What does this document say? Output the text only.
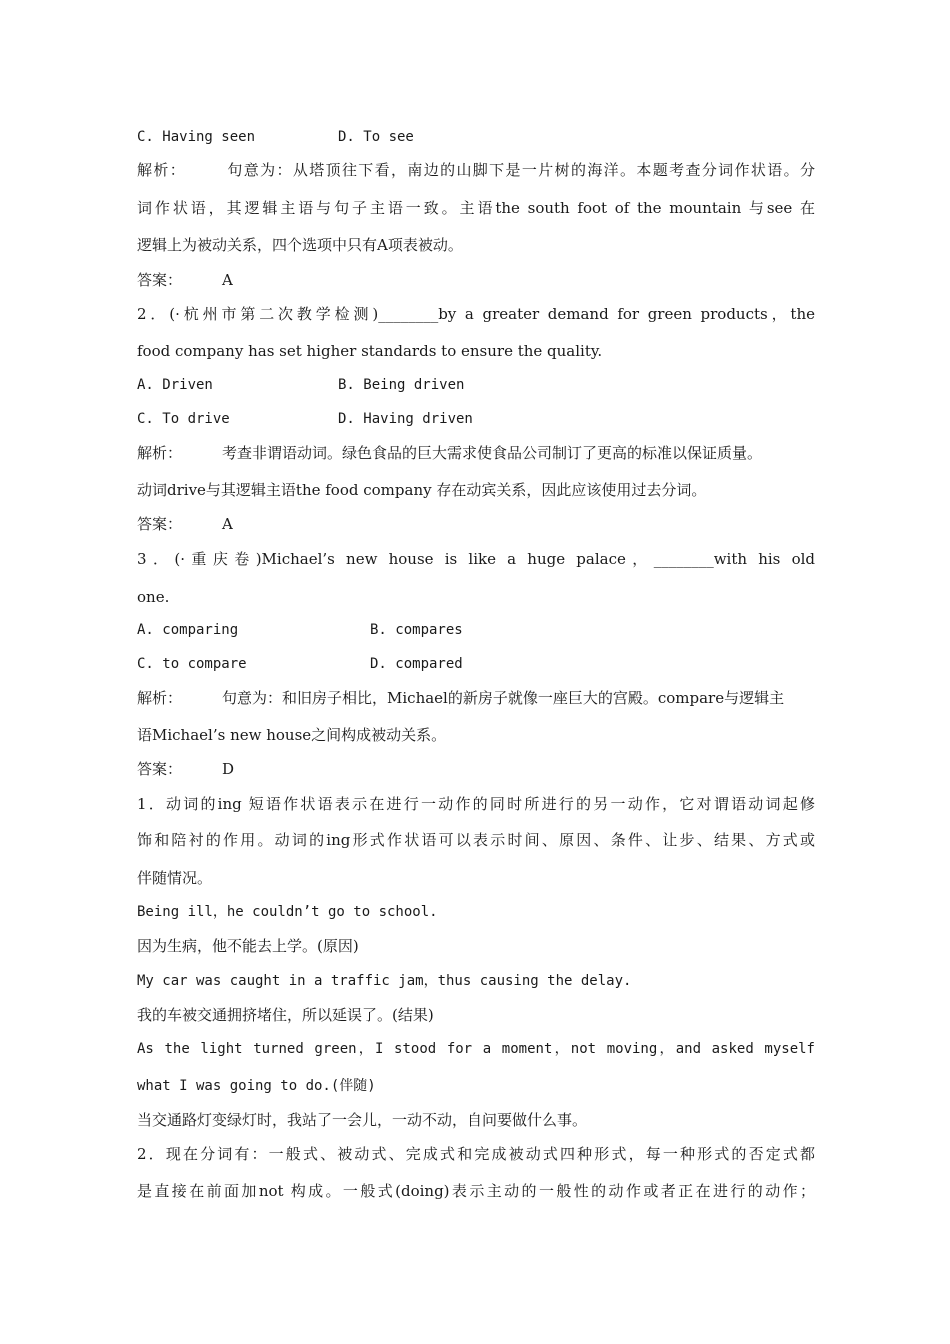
C. Having seen	D. To see
解析：	句意为：从塔顶往下看，南边的山脚下是一片树的海洋。本题考查分词作状语。分
词作状语，其逻辑主语与句子主语一致。主语the south foot of the mountain 与see 在
逻辑上为被动关系，四个选项中只有A项表被动。
答案：	A
2．(·杭州市第二次教学检测)________by a greater demand for green products，the
food company has set higher standards to ensure the quality.
A. Driven	B. Being driven
C. To drive	D. Having driven
解析：	考查非谓语动词。绿色食品的巨大需求使食品公司制订了更高的标准以保证质量。
动词drive与其逻辑主语the food company 存在动宾关系，因此应该使用过去分词。
答案：	A
3．(·重庆卷)Michael’s new house is like a huge palace，________with his old
one.
A. comparing	B. compares
C. to compare	D. compared
解析：	句意为：和旧房子相比，Michael的新房子就像一座巨大的宫殿。compare与逻辑主
语Michael’s new house之间构成被动关系。
答案：	D
1．动词的ing 短语作状语表示在进行一动作的同时所进行的另一动作，它对谓语动词起修
饰和陪衬的作用。动词的ing形式作状语可以表示时间、原因、条件、让步、结果、方式或
伴随情况。
Being ill，he couldn’t go to school.
因为生病，他不能去上学。(原因)
My car was caught in a traffic jam，thus causing the delay.
我的车被交通拥挤堵住，所以延误了。(结果)
As the light turned green，I stood for a moment，not moving，and asked myself
what I was going to do.(伴随)
当交通路灯变绿灯时，我站了一会儿，一动不动，自问要做什么事。
2．现在分词有：一般式、被动式、完成式和完成被动式四种形式，每一种形式的否定式都
是直接在前面加not 构成。一般式(doing)表示主动的一般性的动作或者正在进行的动作；
